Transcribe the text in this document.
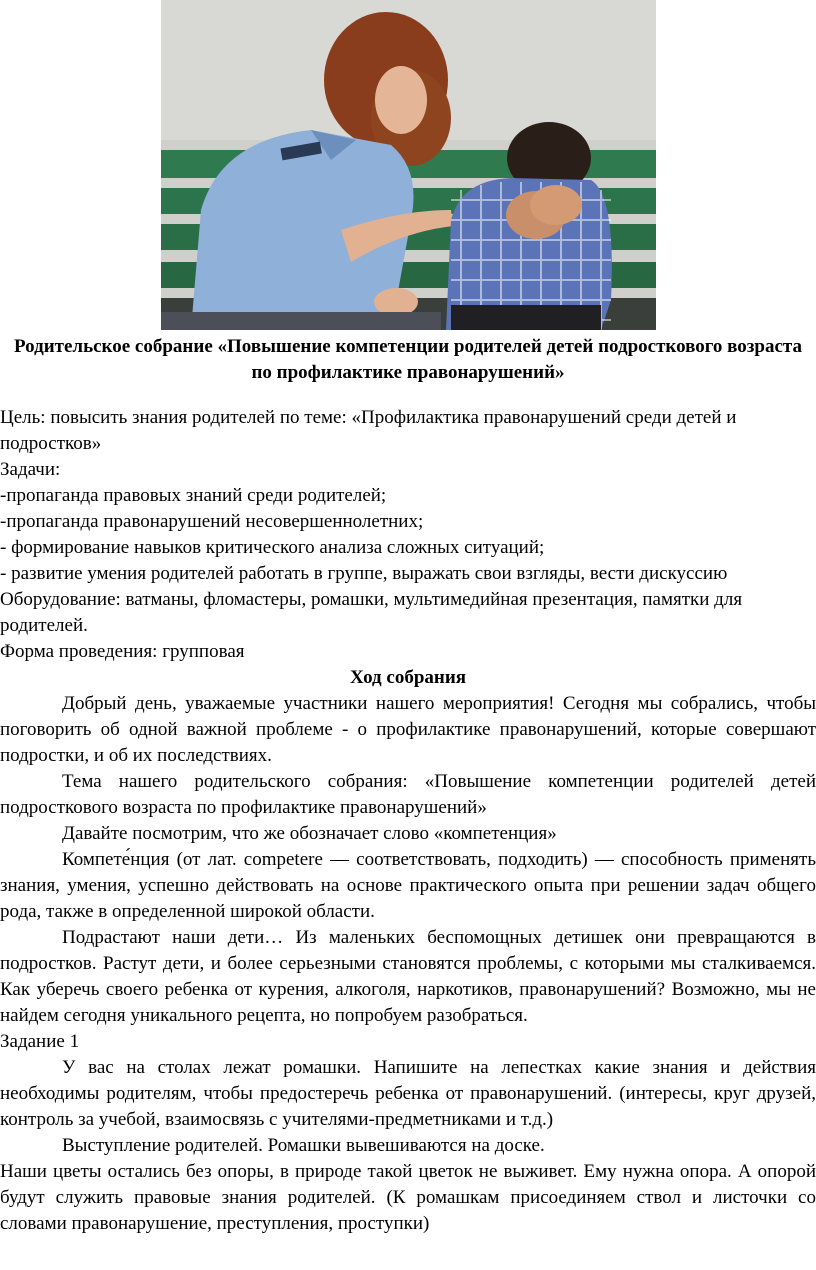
Родительское собрание «Повышение компетенции родителей детей подросткового возраста по профилактике правонарушений»

Цель: повысить знания родителей по теме: «Профилактика правонарушений среди детей и подростков»

Задачи:

-пропаганда правовых знаний среди родителей;

-пропаганда правонарушений несовершеннолетних;

- формирование навыков критического анализа сложных ситуаций;

- развитие умения родителей работать в группе, выражать свои взгляды, вести дискуссию

Оборудование: ватманы, фломастеры, ромашки, мультимедийная презентация, памятки для родителей.

Форма проведения: групповая

Ход собрания

Добрый день, уважаемые участники нашего мероприятия! Сегодня мы собрались, чтобы поговорить об одной важной проблеме - о профилактике правонарушений, которые совершают подростки, и об их последствиях.

Тема нашего родительского собрания: «Повышение компетенции родителей детей подросткового возраста по профилактике правонарушений»

Давайте посмотрим, что же обозначает слово «компетенция»

Компете́нция (от лат. competere — соответствовать, подходить) — способность применять знания, умения, успешно действовать на основе практического опыта при решении задач общего рода, также в определенной широкой области.

Подрастают наши дети… Из маленьких беспомощных детишек они превращаются в подростков. Растут дети, и более серьезными становятся проблемы, с которыми мы сталкиваемся. Как уберечь своего ребенка от курения, алкоголя, наркотиков, правонарушений? Возможно, мы не найдем сегодня уникального рецепта, но попробуем разобраться.

Задание 1

У вас на столах лежат ромашки. Напишите на лепестках какие знания и действия необходимы родителям, чтобы предостеречь ребенка от правонарушений. (интересы, круг друзей, контроль за учебой, взаимосвязь с учителями-предметниками и т.д.)

Выступление родителей. Ромашки вывешиваются на доске.

Наши цветы остались без опоры, в природе такой цветок не выживет. Ему нужна опора. А опорой будут служить правовые знания родителей. (К ромашкам присоединяем ствол и листочки со словами правонарушение, преступления, проступки)
